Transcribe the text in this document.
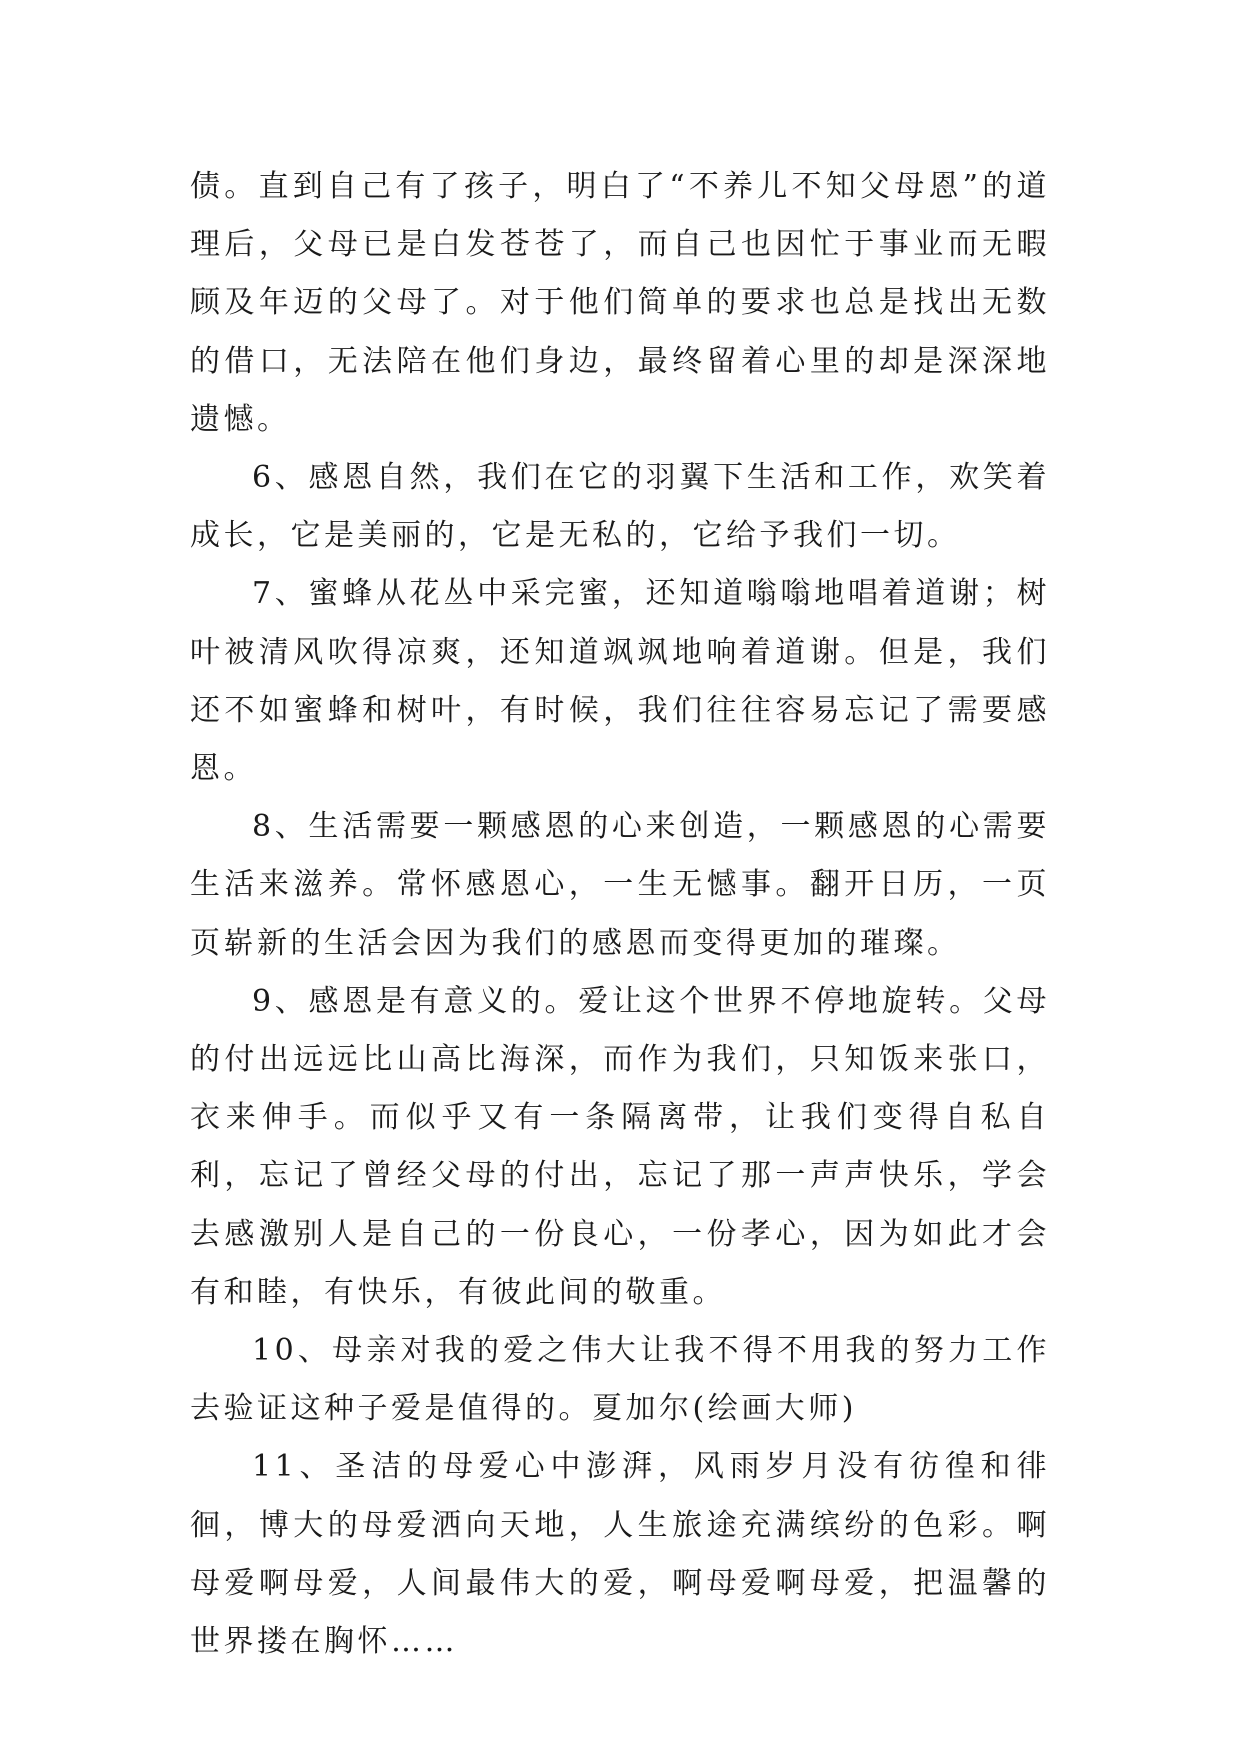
债。直到自己有了孩子，明白了“不养儿不知父母恩”的道理后，父母已是白发苍苍了，而自己也因忙于事业而无暇顾及年迈的父母了。对于他们简单的要求也总是找出无数的借口，无法陪在他们身边，最终留着心里的却是深深地遗憾。

6、感恩自然，我们在它的羽翼下生活和工作，欢笑着成长，它是美丽的，它是无私的，它给予我们一切。

7、蜜蜂从花丛中采完蜜，还知道嗡嗡地唱着道谢；树叶被清风吹得凉爽，还知道飒飒地响着道谢。但是，我们还不如蜜蜂和树叶，有时候，我们往往容易忘记了需要感恩。

8、生活需要一颗感恩的心来创造，一颗感恩的心需要生活来滋养。常怀感恩心，一生无憾事。翻开日历，一页页崭新的生活会因为我们的感恩而变得更加的璀璨。

9、感恩是有意义的。爱让这个世界不停地旋转。父母的付出远远比山高比海深，而作为我们，只知饭来张口，衣来伸手。而似乎又有一条隔离带，让我们变得自私自利，忘记了曾经父母的付出，忘记了那一声声快乐，学会去感激别人是自己的一份良心，一份孝心，因为如此才会有和睦，有快乐，有彼此间的敬重。

10、母亲对我的爱之伟大让我不得不用我的努力工作去验证这种子爱是值得的。夏加尔(绘画大师)

11、圣洁的母爱心中澎湃，风雨岁月没有彷徨和徘徊，博大的母爱洒向天地，人生旅途充满缤纷的色彩。啊母爱啊母爱，人间最伟大的爱，啊母爱啊母爱，把温馨的世界搂在胸怀……
